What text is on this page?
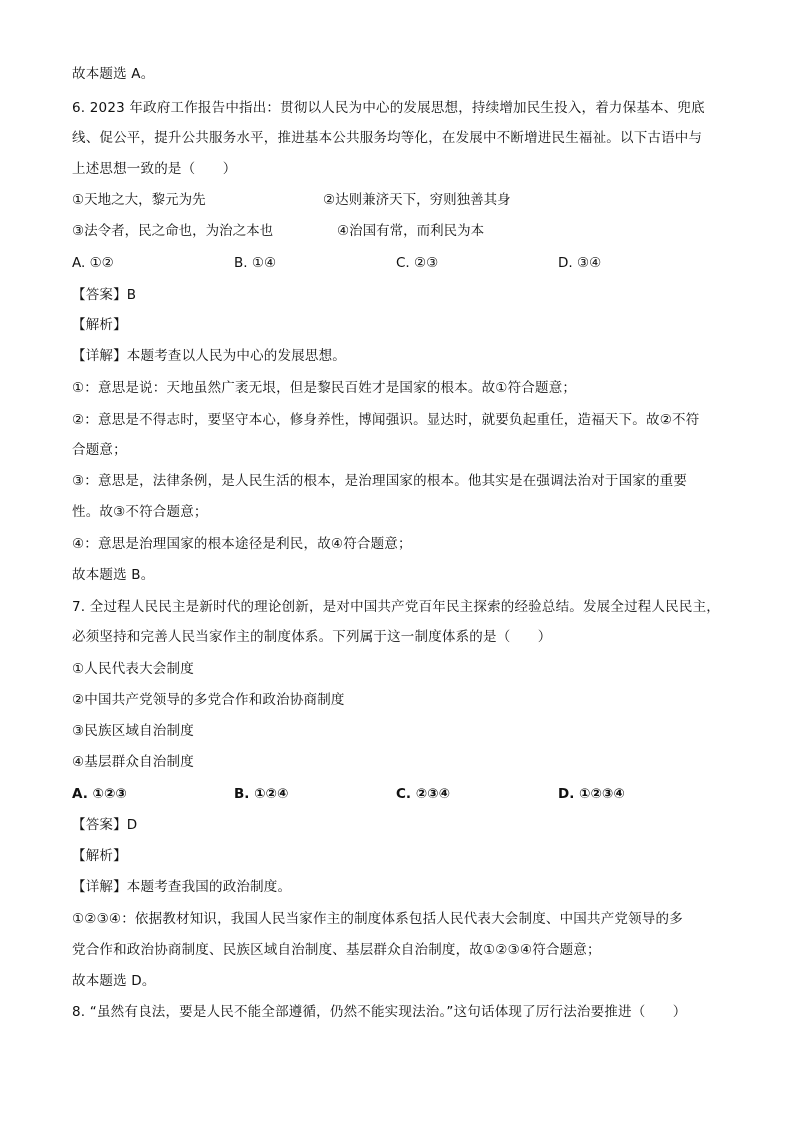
故本题选 A。
6. 2023 年政府工作报告中指出：贯彻以人民为中心的发展思想，持续增加民生投入，着力保基本、兜底
线、促公平，提升公共服务水平，推进基本公共服务均等化，在发展中不断增进民生福祉。以下古语中与
上述思想一致的是（　　）
①天地之大，黎元为先	②达则兼济天下，穷则独善其身
③法令者，民之命也，为治之本也	④治国有常，而利民为本
A. ①②	B. ①④	C. ②③	D. ③④
【答案】B
【解析】
【详解】本题考查以人民为中心的发展思想。
①：意思是说：天地虽然广袤无垠，但是黎民百姓才是国家的根本。故①符合题意；
②：意思是不得志时，要坚守本心，修身养性，博闻强识。显达时，就要负起重任，造福天下。故②不符
合题意；
③：意思是，法律条例，是人民生活的根本，是治理国家的根本。他其实是在强调法治对于国家的重要
性。故③不符合题意；
④：意思是治理国家的根本途径是利民，故④符合题意；
故本题选 B。
7. 全过程人民民主是新时代的理论创新，是对中国共产党百年民主探索的经验总结。发展全过程人民民主，
必须坚持和完善人民当家作主的制度体系。下列属于这一制度体系的是（　　）
①人民代表大会制度
②中国共产党领导的多党合作和政治协商制度
③民族区域自治制度
④基层群众自治制度
A. ①②③	B. ①②④	C. ②③④	D. ①②③④
【答案】D
【解析】
【详解】本题考查我国的政治制度。
①②③④：依据教材知识，我国人民当家作主的制度体系包括人民代表大会制度、中国共产党领导的多
党合作和政治协商制度、民族区域自治制度、基层群众自治制度，故①②③④符合题意；
故本题选 D。
8. “虽然有良法，要是人民不能全部遵循，仍然不能实现法治。”这句话体现了厉行法治要推进（　　）
